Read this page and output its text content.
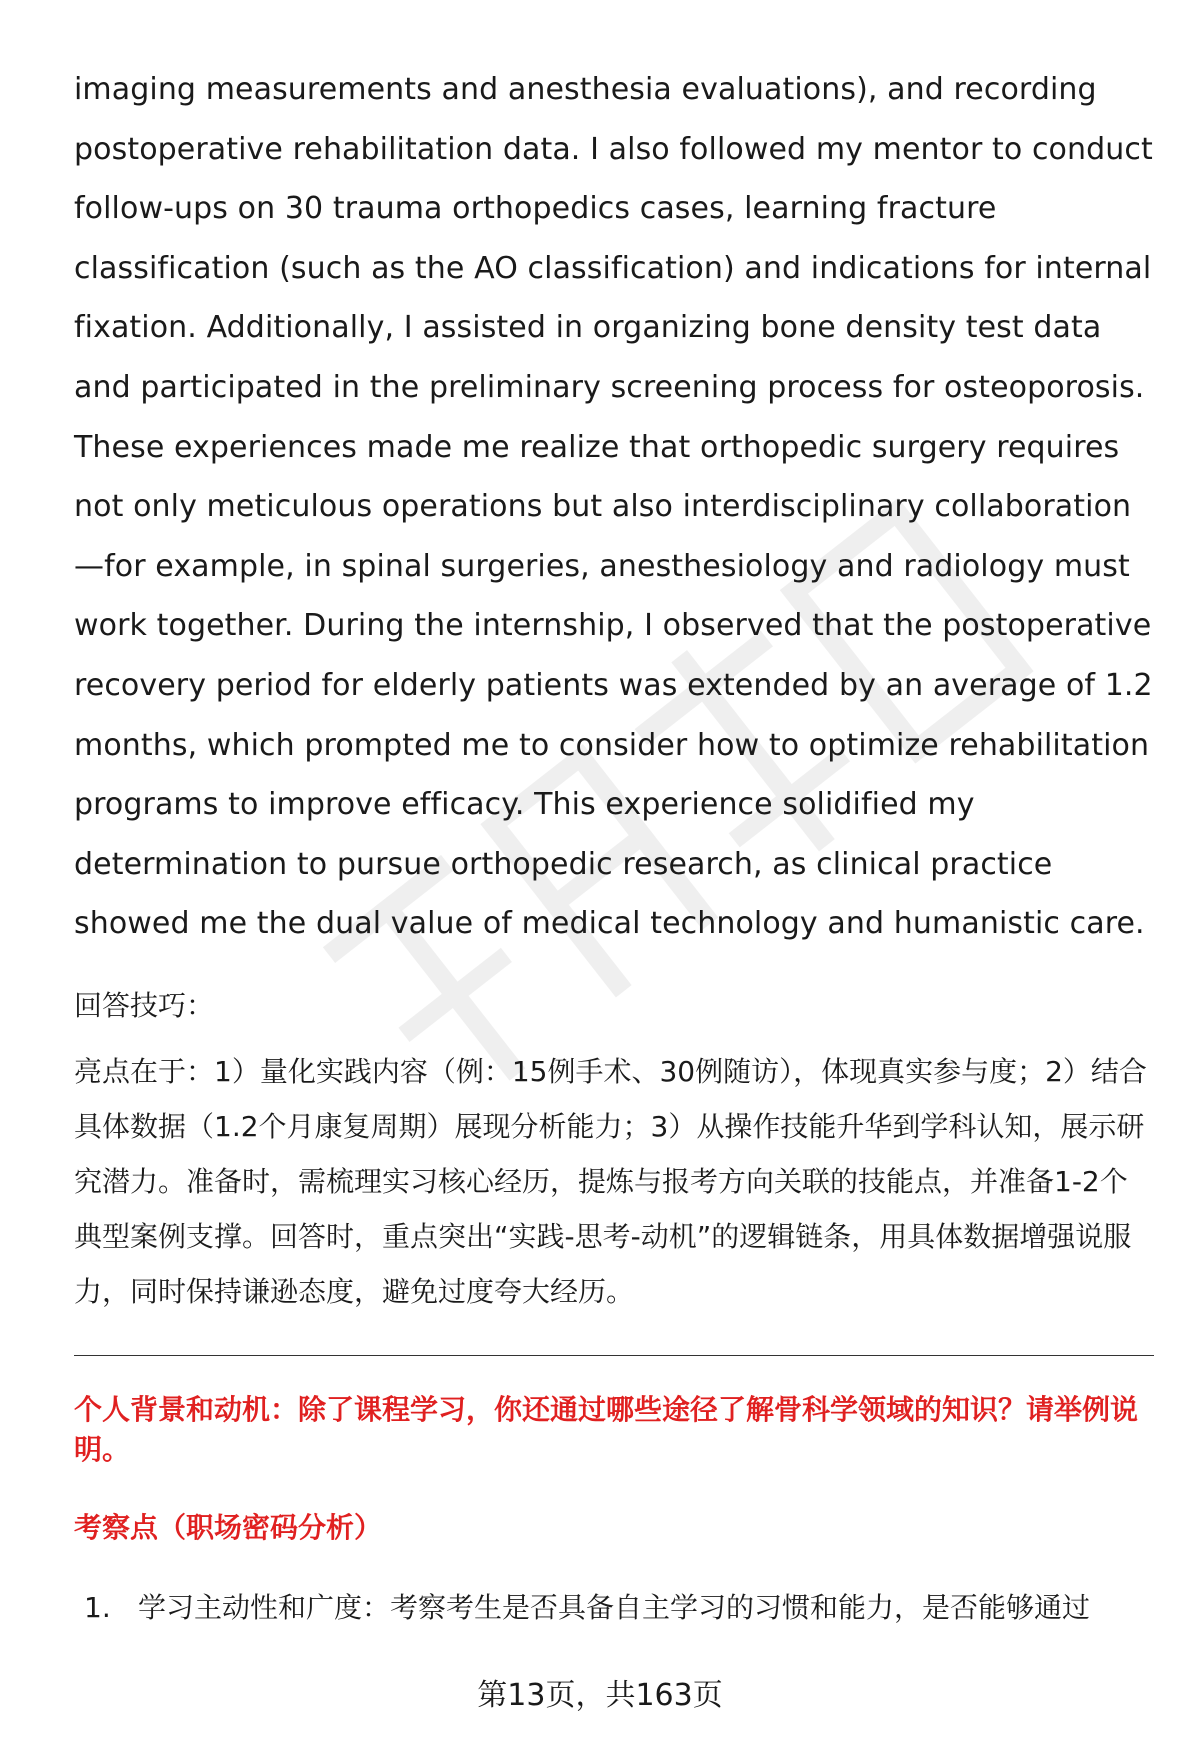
imaging measurements and anesthesia evaluations), and recording postoperative rehabilitation data. I also followed my mentor to conduct follow-ups on 30 trauma orthopedics cases, learning fracture classification (such as the AO classification) and indications for internal fixation. Additionally, I assisted in organizing bone density test data and participated in the preliminary screening process for osteoporosis. These experiences made me realize that orthopedic surgery requires not only meticulous operations but also interdisciplinary collaboration—for example, in spinal surgeries, anesthesiology and radiology must work together. During the internship, I observed that the postoperative recovery period for elderly patients was extended by an average of 1.2 months, which prompted me to consider how to optimize rehabilitation programs to improve efficacy. This experience solidified my determination to pursue orthopedic research, as clinical practice showed me the dual value of medical technology and humanistic care.

回答技巧：
亮点在于：1）量化实践内容（例：15例手术、30例随访），体现真实参与度；2）结合具体数据（1.2个月康复周期）展现分析能力；3）从操作技能升华到学科认知，展示研究潜力。准备时，需梳理实习核心经历，提炼与报考方向关联的技能点，并准备1-2个典型案例支撑。回答时，重点突出“实践-思考-动机”的逻辑链条，用具体数据增强说服力，同时保持谦逊态度，避免过度夸大经历。
个人背景和动机：除了课程学习，你还通过哪些途径了解骨科学领域的知识？请举例说明。
考察点（职场密码分析）
1. 学习主动性和广度：考察考生是否具备自主学习的习惯和能力，是否能够通过
第13页，共163页
